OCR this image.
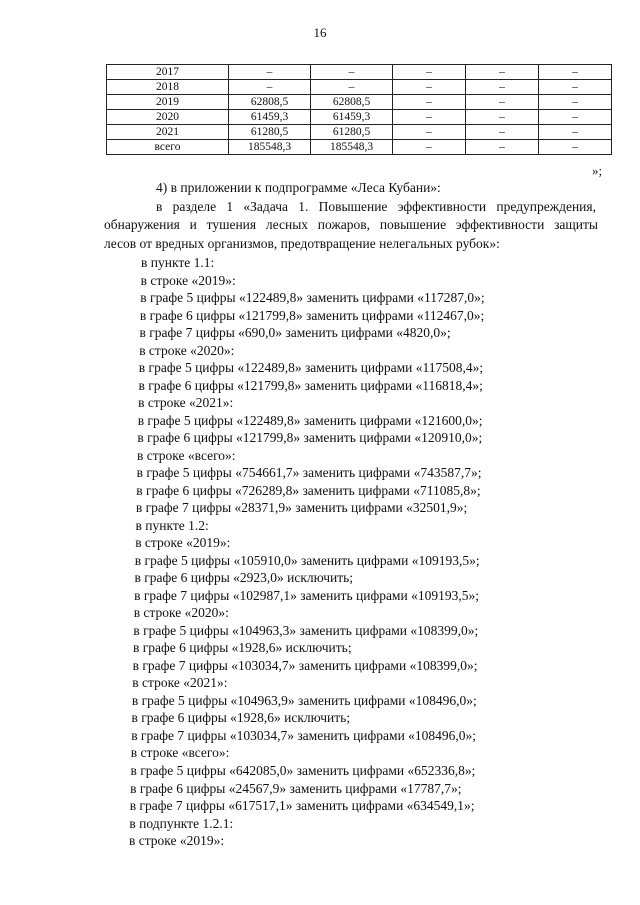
16
2017	–	–	–	–	–
2018	–	–	–	–	–
2019	62808,5	62808,5	–	–	–
2020	61459,3	61459,3	–	–	–
2021	61280,5	61280,5	–	–	–
всего	185548,3	185548,3	–	–	–
»;
4) в приложении к подпрограмме «Леса Кубани»:
в разделе 1 «Задача 1. Повышение эффективности предупреждения,
обнаружения и тушения лесных пожаров, повышение эффективности защиты
лесов от вредных организмов, предотвращение нелегальных рубок»:
в пункте 1.1:
в строке «2019»:
в графе 5 цифры «122489,8» заменить цифрами «117287,0»;
в графе 6 цифры «121799,8» заменить цифрами «112467,0»;
в графе 7 цифры «690,0» заменить цифрами «4820,0»;
в строке «2020»:
в графе 5 цифры «122489,8» заменить цифрами «117508,4»;
в графе 6 цифры «121799,8» заменить цифрами «116818,4»;
в строке «2021»:
в графе 5 цифры «122489,8» заменить цифрами «121600,0»;
в графе 6 цифры «121799,8» заменить цифрами «120910,0»;
в строке «всего»:
в графе 5 цифры «754661,7» заменить цифрами «743587,7»;
в графе 6 цифры «726289,8» заменить цифрами «711085,8»;
в графе 7 цифры «28371,9» заменить цифрами «32501,9»;
в пункте 1.2:
в строке «2019»:
в графе 5 цифры «105910,0» заменить цифрами «109193,5»;
в графе 6 цифры «2923,0» исключить;
в графе 7 цифры «102987,1» заменить цифрами «109193,5»;
в строке «2020»:
в графе 5 цифры «104963,3» заменить цифрами «108399,0»;
в графе 6 цифры «1928,6» исключить;
в графе 7 цифры «103034,7» заменить цифрами «108399,0»;
в строке «2021»:
в графе 5 цифры «104963,9» заменить цифрами «108496,0»;
в графе 6 цифры «1928,6» исключить;
в графе 7 цифры «103034,7» заменить цифрами «108496,0»;
в строке «всего»:
в графе 5 цифры «642085,0» заменить цифрами «652336,8»;
в графе 6 цифры «24567,9» заменить цифрами «17787,7»;
в графе 7 цифры «617517,1» заменить цифрами «634549,1»;
в подпункте 1.2.1:
в строке «2019»:
